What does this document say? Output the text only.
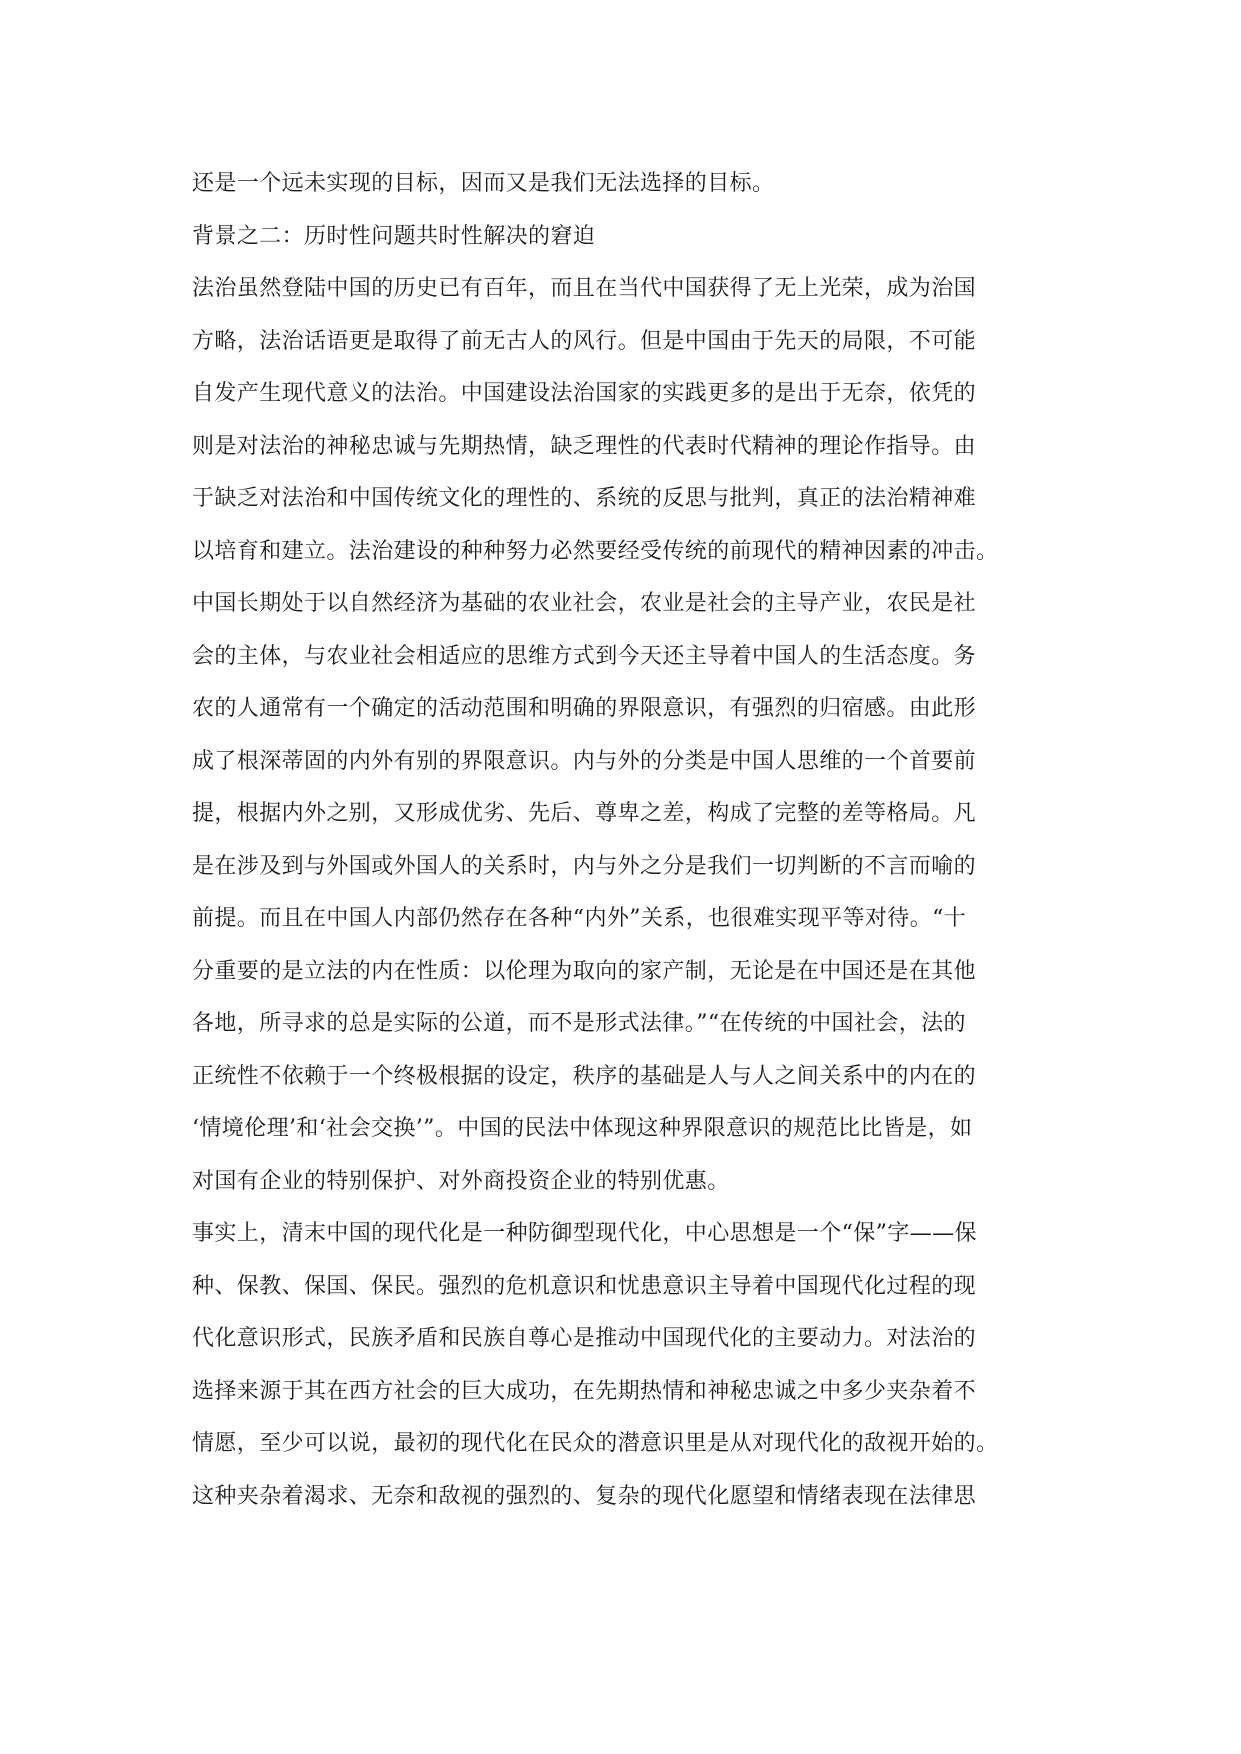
还是一个远未实现的目标，因而又是我们无法选择的目标。
背景之二：历时性问题共时性解决的窘迫
法治虽然登陆中国的历史已有百年，而且在当代中国获得了无上光荣，成为治国
方略，法治话语更是取得了前无古人的风行。但是中国由于先天的局限，不可能
自发产生现代意义的法治。中国建设法治国家的实践更多的是出于无奈，依凭的
则是对法治的神秘忠诚与先期热情，缺乏理性的代表时代精神的理论作指导。由
于缺乏对法治和中国传统文化的理性的、系统的反思与批判，真正的法治精神难
以培育和建立。法治建设的种种努力必然要经受传统的前现代的精神因素的冲击。
中国长期处于以自然经济为基础的农业社会，农业是社会的主导产业，农民是社
会的主体，与农业社会相适应的思维方式到今天还主导着中国人的生活态度。务
农的人通常有一个确定的活动范围和明确的界限意识，有强烈的归宿感。由此形
成了根深蒂固的内外有别的界限意识。内与外的分类是中国人思维的一个首要前
提，根据内外之别，又形成优劣、先后、尊卑之差，构成了完整的差等格局。凡
是在涉及到与外国或外国人的关系时，内与外之分是我们一切判断的不言而喻的
前提。而且在中国人内部仍然存在各种“内外”关系，也很难实现平等对待。“十
分重要的是立法的内在性质：以伦理为取向的家产制，无论是在中国还是在其他
各地，所寻求的总是实际的公道，而不是形式法律。”“在传统的中国社会，法的
正统性不依赖于一个终极根据的设定，秩序的基础是人与人之间关系中的内在的
‘情境伦理’和‘社会交换’”。中国的民法中体现这种界限意识的规范比比皆是，如
对国有企业的特别保护、对外商投资企业的特别优惠。
事实上，清末中国的现代化是一种防御型现代化，中心思想是一个“保”字——保
种、保教、保国、保民。强烈的危机意识和忧患意识主导着中国现代化过程的现
代化意识形式，民族矛盾和民族自尊心是推动中国现代化的主要动力。对法治的
选择来源于其在西方社会的巨大成功，在先期热情和神秘忠诚之中多少夹杂着不
情愿，至少可以说，最初的现代化在民众的潜意识里是从对现代化的敌视开始的。
这种夹杂着渴求、无奈和敌视的强烈的、复杂的现代化愿望和情绪表现在法律思
